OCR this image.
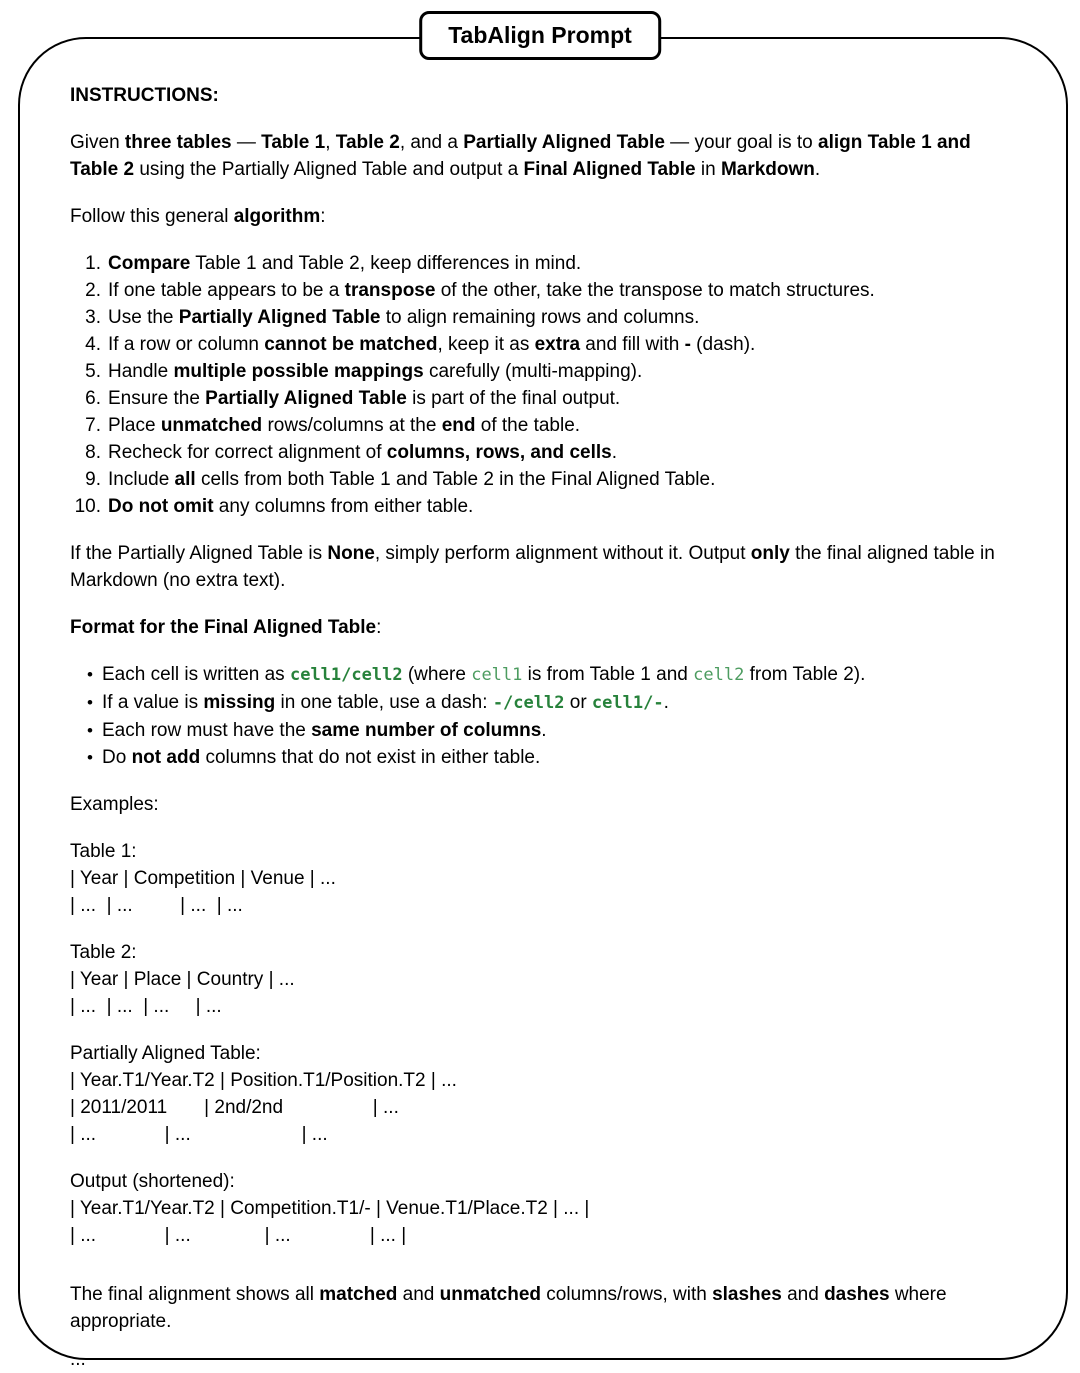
TabAlign Prompt
INSTRUCTIONS:
Given three tables — Table 1, Table 2, and a Partially Aligned Table — your goal is to align Table 1 and Table 2 using the Partially Aligned Table and output a Final Aligned Table in Markdown.
Follow this general algorithm:
1. Compare Table 1 and Table 2, keep differences in mind.
2. If one table appears to be a transpose of the other, take the transpose to match structures.
3. Use the Partially Aligned Table to align remaining rows and columns.
4. If a row or column cannot be matched, keep it as extra and fill with - (dash).
5. Handle multiple possible mappings carefully (multi-mapping).
6. Ensure the Partially Aligned Table is part of the final output.
7. Place unmatched rows/columns at the end of the table.
8. Recheck for correct alignment of columns, rows, and cells.
9. Include all cells from both Table 1 and Table 2 in the Final Aligned Table.
10. Do not omit any columns from either table.
If the Partially Aligned Table is None, simply perform alignment without it. Output only the final aligned table in Markdown (no extra text).
Format for the Final Aligned Table:
• Each cell is written as cell1/cell2 (where cell1 is from Table 1 and cell2 from Table 2).
• If a value is missing in one table, use a dash: -/cell2 or cell1/-.
• Each row must have the same number of columns.
• Do not add columns that do not exist in either table.
Examples:
Table 1:
| Year | Competition | Venue | ...
| ...  | ...         | ...  | ...
Table 2:
| Year | Place | Country | ...
| ...  | ...  | ...     | ...
Partially Aligned Table:
| Year.T1/Year.T2 | Position.T1/Position.T2 | ...
| 2011/2011       | 2nd/2nd                 | ...
| ...             | ...                     | ...
Output (shortened):
| Year.T1/Year.T2 | Competition.T1/- | Venue.T1/Place.T2 | ... |
| ...             | ...              | ...               | ... |
The final alignment shows all matched and unmatched columns/rows, with slashes and dashes where appropriate.
...
